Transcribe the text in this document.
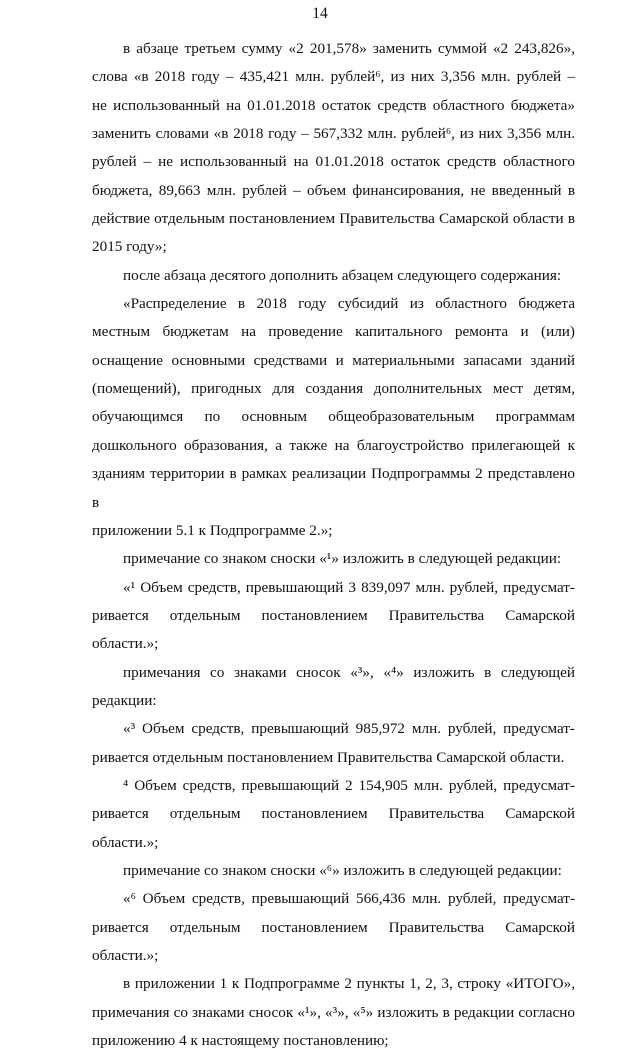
14
в абзаце третьем сумму «2 201,578» заменить суммой «2 243,826»,
слова «в 2018 году – 435,421 млн. рублей⁶, из них 3,356 млн. рублей –
не использованный на 01.01.2018 остаток средств областного бюджета»
заменить словами «в 2018 году – 567,332 млн. рублей⁶, из них 3,356 млн.
рублей – не использованный на 01.01.2018 остаток средств областного
бюджета, 89,663 млн. рублей – объем финансирования, не введенный в
действие отдельным постановлением Правительства Самарской области в
2015 году»;
после абзаца десятого дополнить абзацем следующего содержания:
«Распределение в 2018 году субсидий из областного бюджета
местным бюджетам на проведение капитального ремонта и (или)
оснащение основными средствами и материальными запасами зданий
(помещений), пригодных для создания дополнительных мест детям,
обучающимся по основным общеобразовательным программам
дошкольного образования, а также на благоустройство прилегающей к
зданиям территории в рамках реализации Подпрограммы 2 представлено в
приложении 5.1 к Подпрограмме 2.»;
примечание со знаком сноски «¹» изложить в следующей редакции:
«¹ Объем средств, превышающий 3 839,097 млн. рублей, предусмат-
ривается отдельным постановлением Правительства Самарской области.»;
примечания со знаками сносок «³», «⁴» изложить в следующей редакции:
«³ Объем средств, превышающий 985,972 млн. рублей, предусмат-
ривается отдельным постановлением Правительства Самарской области.
⁴ Объем средств, превышающий 2 154,905 млн. рублей, предусмат-
ривается отдельным постановлением Правительства Самарской области.»;
примечание со знаком сноски «⁶» изложить в следующей редакции:
«⁶ Объем средств, превышающий 566,436 млн. рублей, предусмат-
ривается отдельным постановлением Правительства Самарской области.»;
в приложении 1 к Подпрограмме 2 пункты 1, 2, 3, строку «ИТОГО»,
примечания со знаками сносок «¹», «³», «⁵» изложить в редакции согласно
приложению 4 к настоящему постановлению;
